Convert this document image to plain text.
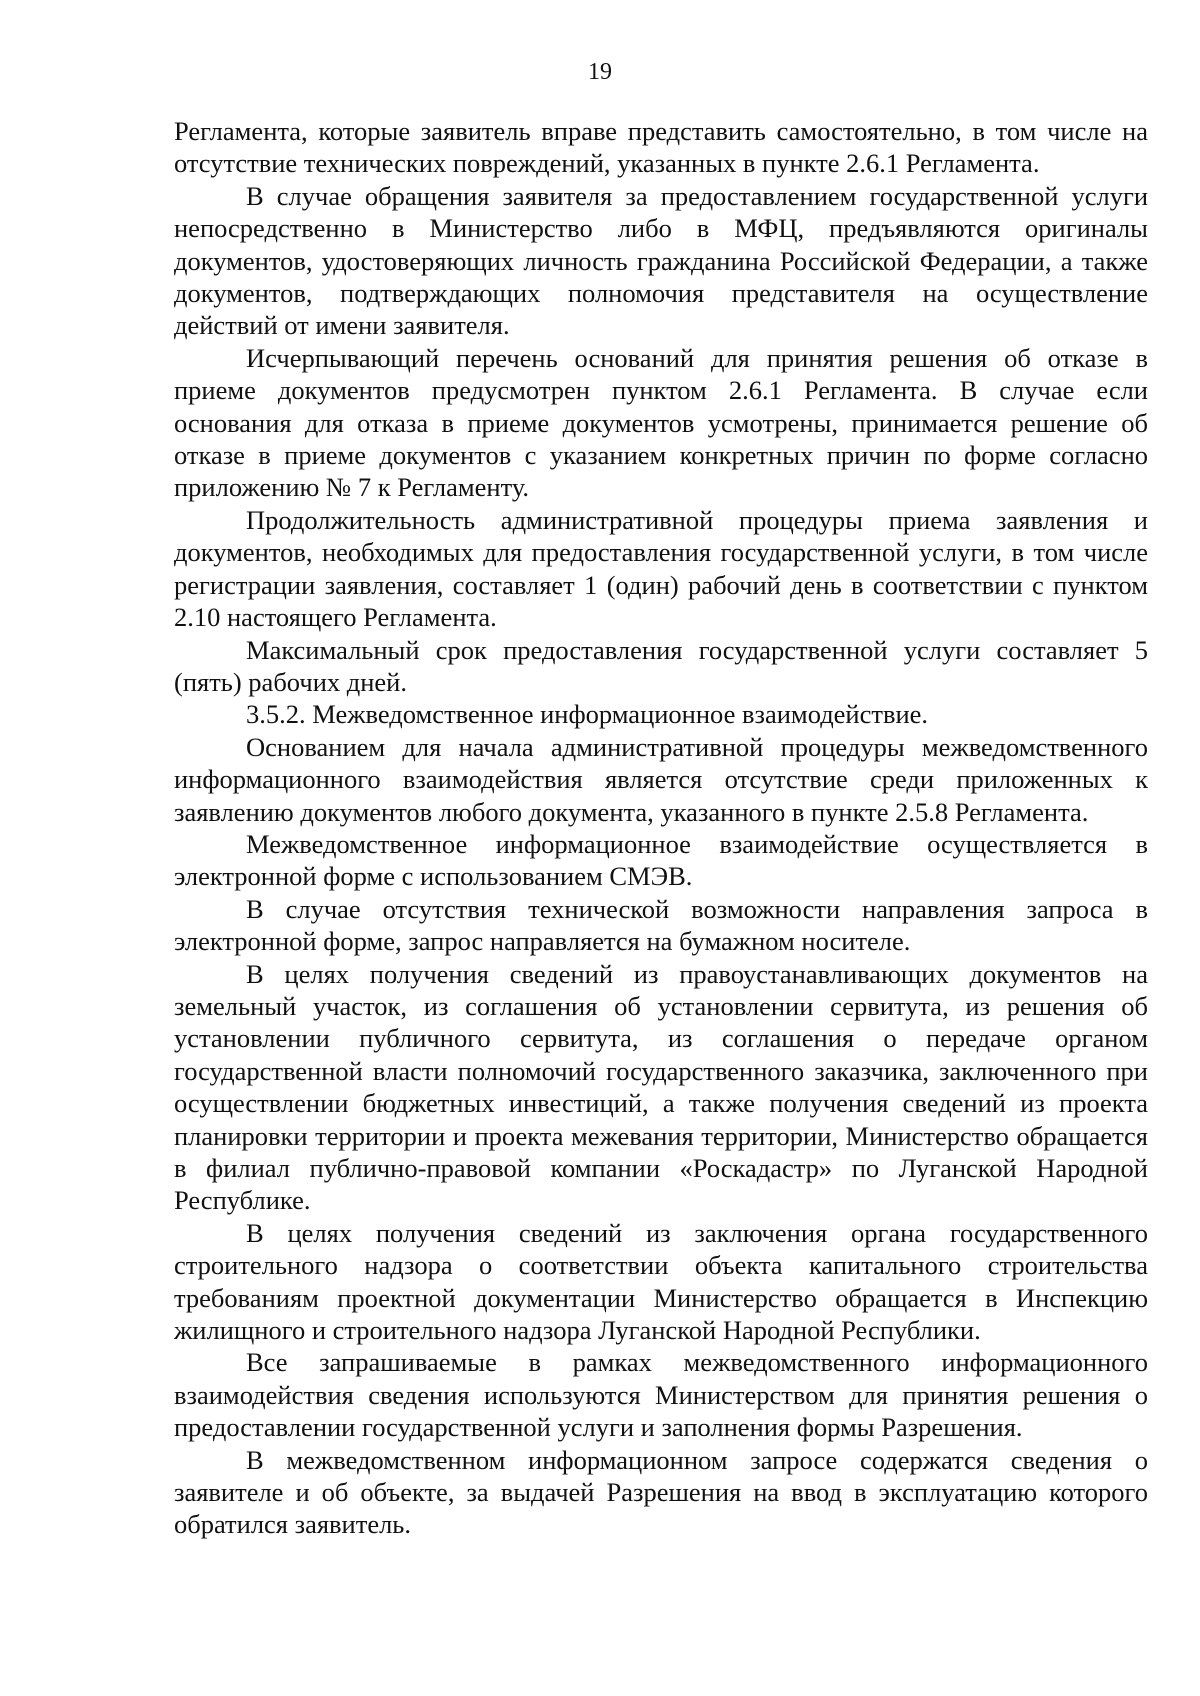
19

Регламента, которые заявитель вправе представить самостоятельно, в том числе на отсутствие технических повреждений, указанных в пункте 2.6.1 Регламента.

В случае обращения заявителя за предоставлением государственной услуги непосредственно в Министерство либо в МФЦ, предъявляются оригиналы документов, удостоверяющих личность гражданина Российской Федерации, а также документов, подтверждающих полномочия представителя на осуществление действий от имени заявителя.

Исчерпывающий перечень оснований для принятия решения об отказе в приеме документов предусмотрен пунктом 2.6.1 Регламента. В случае если основания для отказа в приеме документов усмотрены, принимается решение об отказе в приеме документов с указанием конкретных причин по форме согласно приложению № 7 к Регламенту.

Продолжительность административной процедуры приема заявления и документов, необходимых для предоставления государственной услуги, в том числе регистрации заявления, составляет 1 (один) рабочий день в соответствии с пунктом 2.10 настоящего Регламента.

Максимальный срок предоставления государственной услуги составляет 5 (пять) рабочих дней.

3.5.2. Межведомственное информационное взаимодействие.

Основанием для начала административной процедуры межведомственного информационного взаимодействия является отсутствие среди приложенных к заявлению документов любого документа, указанного в пункте 2.5.8 Регламента.

Межведомственное информационное взаимодействие осуществляется в электронной форме с использованием СМЭВ.

В случае отсутствия технической возможности направления запроса в электронной форме, запрос направляется на бумажном носителе.

В целях получения сведений из правоустанавливающих документов на земельный участок, из соглашения об установлении сервитута, из решения об установлении публичного сервитута, из соглашения о передаче органом государственной власти полномочий государственного заказчика, заключенного при осуществлении бюджетных инвестиций, а также получения сведений из проекта планировки территории и проекта межевания территории, Министерство обращается в филиал публично-правовой компании «Роскадастр» по Луганской Народной Республике.

В целях получения сведений из заключения органа государственного строительного надзора о соответствии объекта капитального строительства требованиям проектной документации Министерство обращается в Инспекцию жилищного и строительного надзора Луганской Народной Республики.

Все запрашиваемые в рамках межведомственного информационного взаимодействия сведения используются Министерством для принятия решения о предоставлении государственной услуги и заполнения формы Разрешения.

В межведомственном информационном запросе содержатся сведения о заявителе и об объекте, за выдачей Разрешения на ввод в эксплуатацию которого обратился заявитель.
